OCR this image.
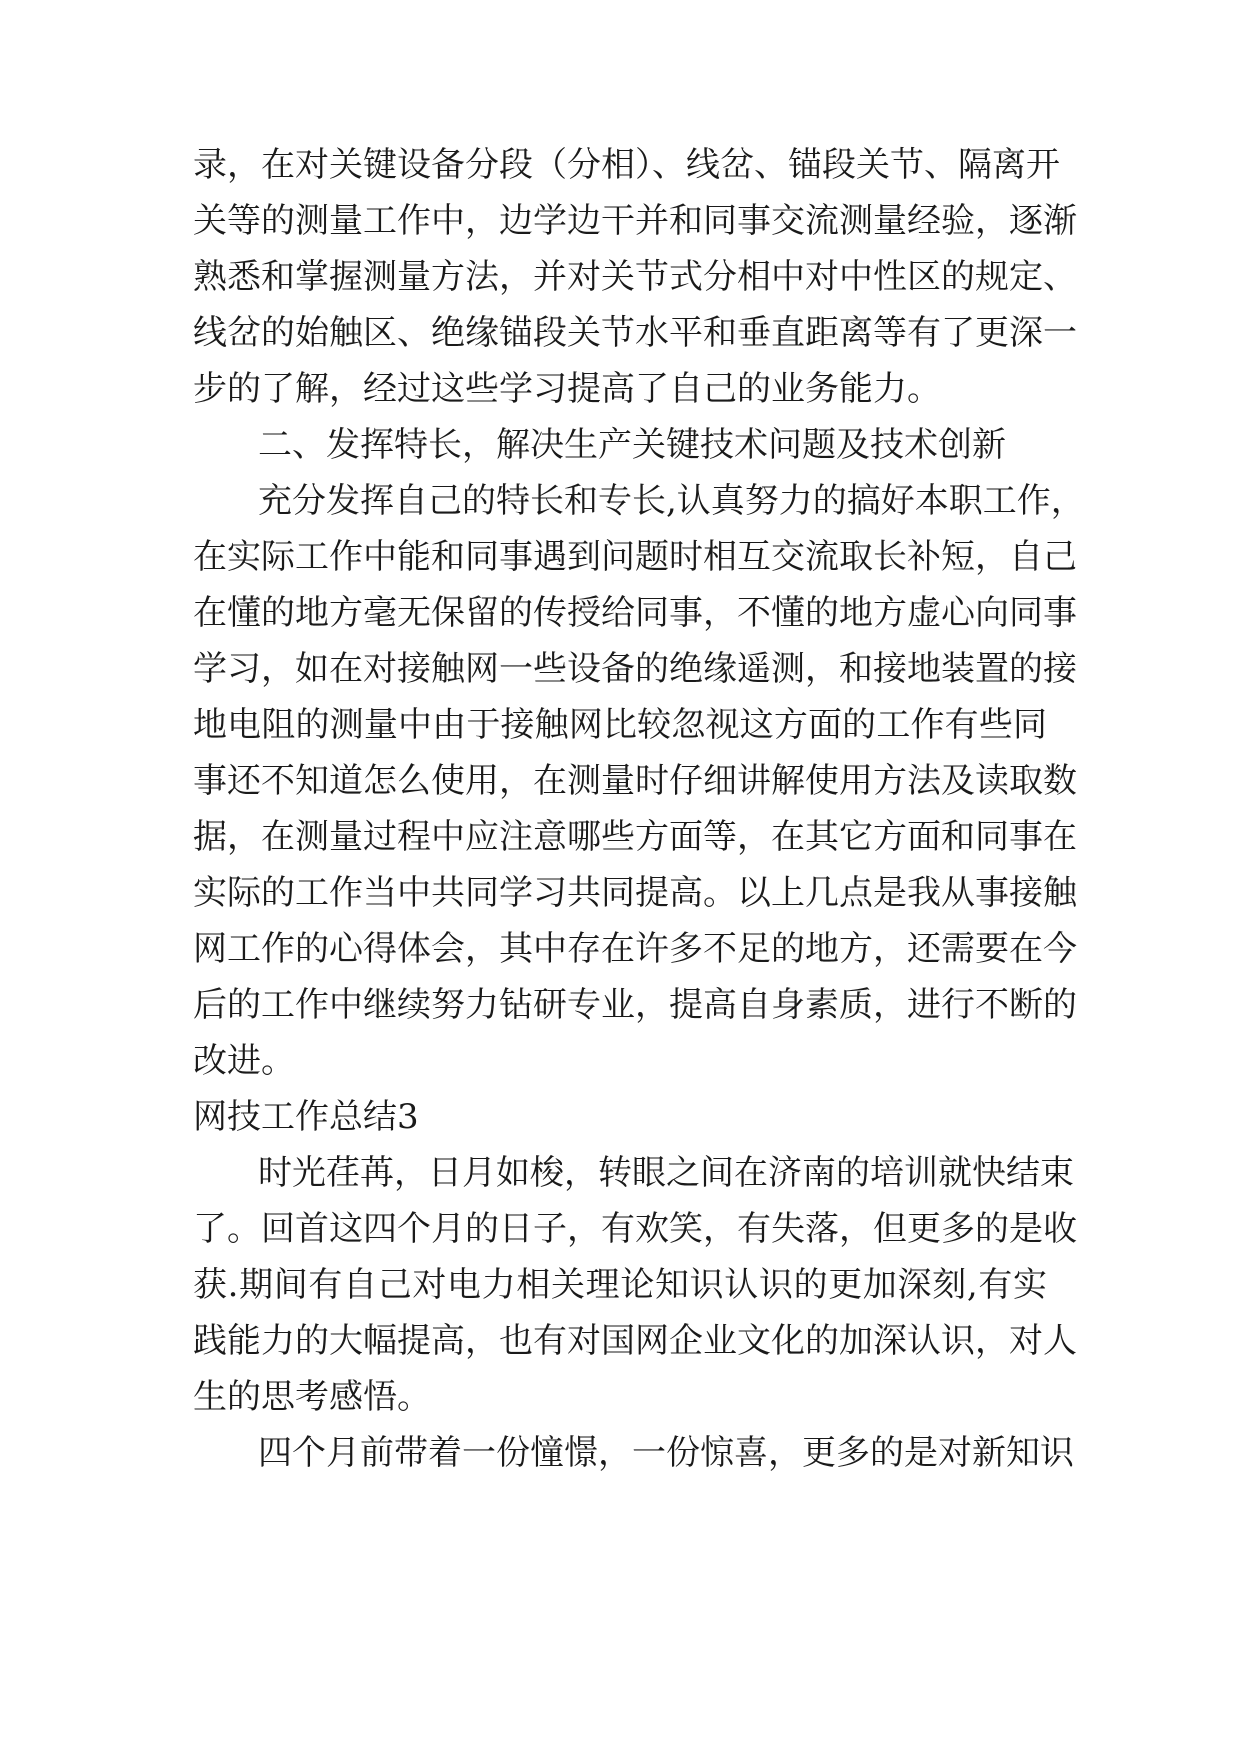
录，在对关键设备分段（分相）、线岔、锚段关节、隔离开
关等的测量工作中，边学边干并和同事交流测量经验，逐渐
熟悉和掌握测量方法，并对关节式分相中对中性区的规定、
线岔的始触区、绝缘锚段关节水平和垂直距离等有了更深一
步的了解，经过这些学习提高了自己的业务能力。
二、发挥特长，解决生产关键技术问题及技术创新
充分发挥自己的特长和专长,认真努力的搞好本职工作，
在实际工作中能和同事遇到问题时相互交流取长补短，自己
在懂的地方毫无保留的传授给同事，不懂的地方虚心向同事
学习，如在对接触网一些设备的绝缘遥测，和接地装置的接
地电阻的测量中由于接触网比较忽视这方面的工作有些同
事还不知道怎么使用，在测量时仔细讲解使用方法及读取数
据，在测量过程中应注意哪些方面等，在其它方面和同事在
实际的工作当中共同学习共同提高。以上几点是我从事接触
网工作的心得体会，其中存在许多不足的地方，还需要在今
后的工作中继续努力钻研专业，提高自身素质，进行不断的
改进。
网技工作总结3
时光荏苒，日月如梭，转眼之间在济南的培训就快结束
了。回首这四个月的日子，有欢笑，有失落，但更多的是收
获.期间有自己对电力相关理论知识认识的更加深刻,有实
践能力的大幅提高，也有对国网企业文化的加深认识，对人
生的思考感悟。
四个月前带着一份憧憬，一份惊喜，更多的是对新知识
